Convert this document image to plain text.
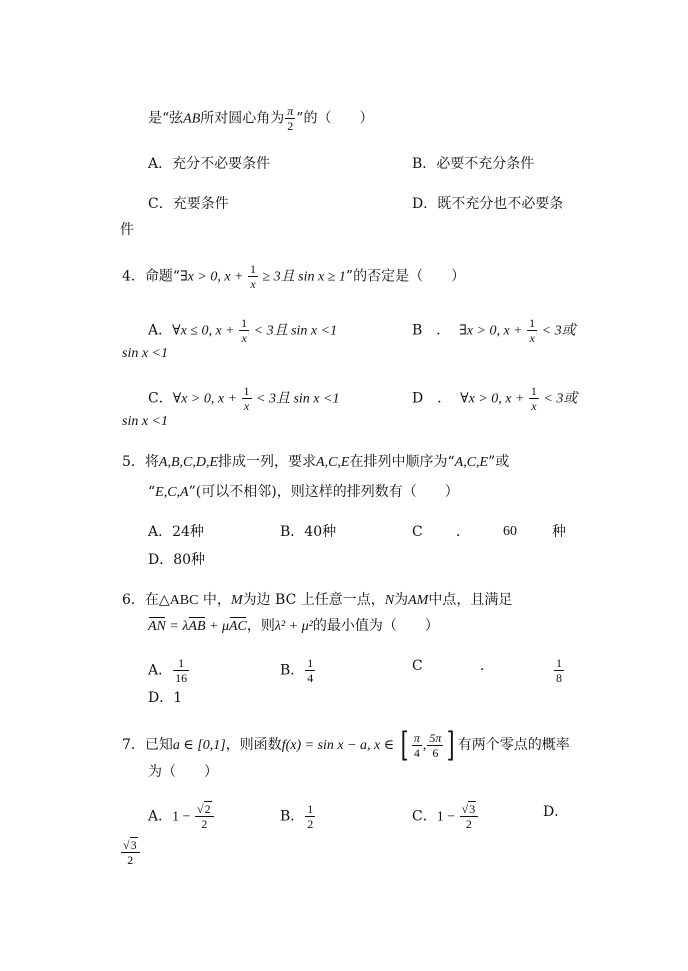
是“弦AB所对圆心角为 $\frac{\pi}{2}$ ”的（　　）
A．充分不必要条件	B．必要不充分条件
C．充要条件	D．既不充分也不必要条
件
4．命题“∃x > 0, $x + \frac{1}{x} \ge 3$且 sin x ≥ 1”的否定是（　　）
A．∀x ≤ 0, $x + \frac{1}{x} < 3$且 sin x <1	B　． ∃x > 0, $x + \frac{1}{x} < 3$或
sin x <1
C．∀x > 0, $x + \frac{1}{x} < 3$且 sin x <1	D　． ∀x > 0, $x + \frac{1}{x} < 3$或
sin x <1
5．将A,B,C,D,E排成一列，要求A,C,E在排列中顺序为“A,C,E”或
“E,C,A”(可以不相邻)，则这样的排列数有（　　）
A．24种	B．40种	C ． 60	种
D．80种
6．在△ABC 中，M为边 BC 上任意一点，N为AM中点，且满足
AN = λAB + μAC，则λ² + μ²的最小值为（　　）
A． $\frac{1}{16}$	B． $\frac{1}{4}$	C	．	$\frac{1}{8}$
D．1
7．已知a ∈ [0,1]，则函数f(x) = sin x − a, x ∈ [ $\frac{\pi}{4}$ , $\frac{5\pi}{6}$ ] 有两个零点的概率
为（　　）
A．$1 - \frac{√2}{2}$	B． $\frac{1}{2}$	C．$1 - \frac{√3}{2}$	D．
$\frac{√3}{2}$
